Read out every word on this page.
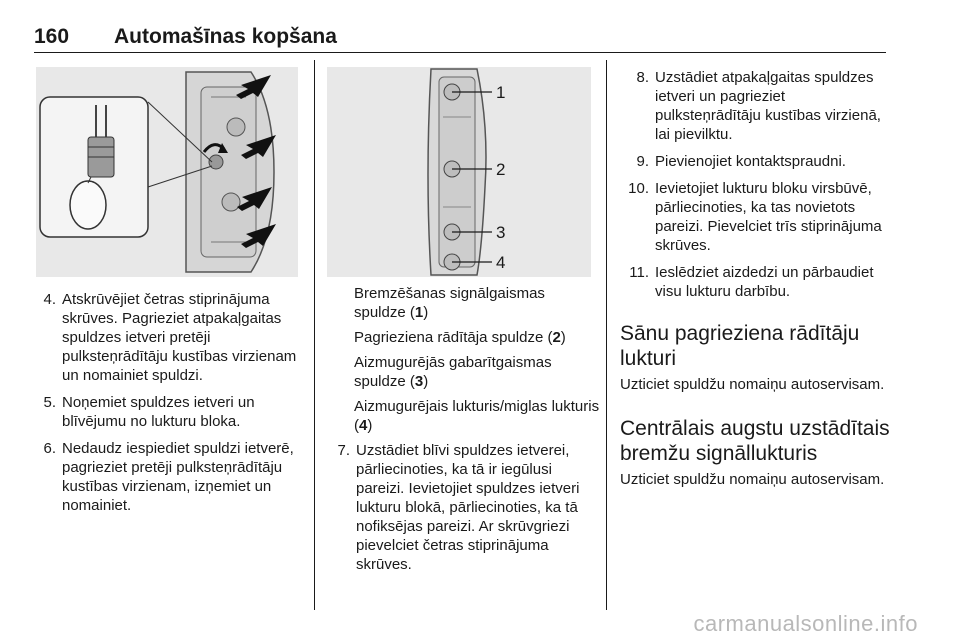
160 Automašīnas kopšana
4. Atskrūvējiet četras stiprinājuma skrūves. Pagrieziet atpakaļgaitas spuldzes ietveri pretēji pulksteņrādītāju kustības virzienam un nomainiet spuldzi.
5. Noņemiet spuldzes ietveri un blīvējumu no lukturu bloka.
6. Nedaudz iespiediet spuldzi ietverē, pagrieziet pretēji pulksteņrādītāju kustības virzienam, izņemiet un nomainiet.
1
2
3
4
Bremzēšanas signālgaismas spuldze (1)
Pagrieziena rādītāja spuldze (2)
Aizmugurējās gabarītgaismas spuldze (3)
Aizmugurējais lukturis/miglas lukturis (4)
7. Uzstādiet blīvi spuldzes ietverei, pārliecinoties, ka tā ir iegūlusi pareizi. Ievietojiet spuldzes ietveri lukturu blokā, pārliecinoties, ka tā nofiksējas pareizi. Ar skrūvgriezi pievelciet četras stiprinājuma skrūves.
8. Uzstādiet atpakaļgaitas spuldzes ietveri un pagrieziet pulksteņrādītāju kustības virzienā, lai pievilktu.
9. Pievienojiet kontaktspraudni.
10. Ievietojiet lukturu bloku virsbūvē, pārliecinoties, ka tas novietots pareizi. Pievelciet trīs stiprinājuma skrūves.
11. Ieslēdziet aizdedzi un pārbaudiet visu lukturu darbību.
Sānu pagrieziena rādītāju lukturi
Uzticiet spuldžu nomaiņu autoservisam.
Centrālais augstu uzstādītais bremžu signāllukturis
Uzticiet spuldžu nomaiņu autoservisam.
carmanualsonline.info
